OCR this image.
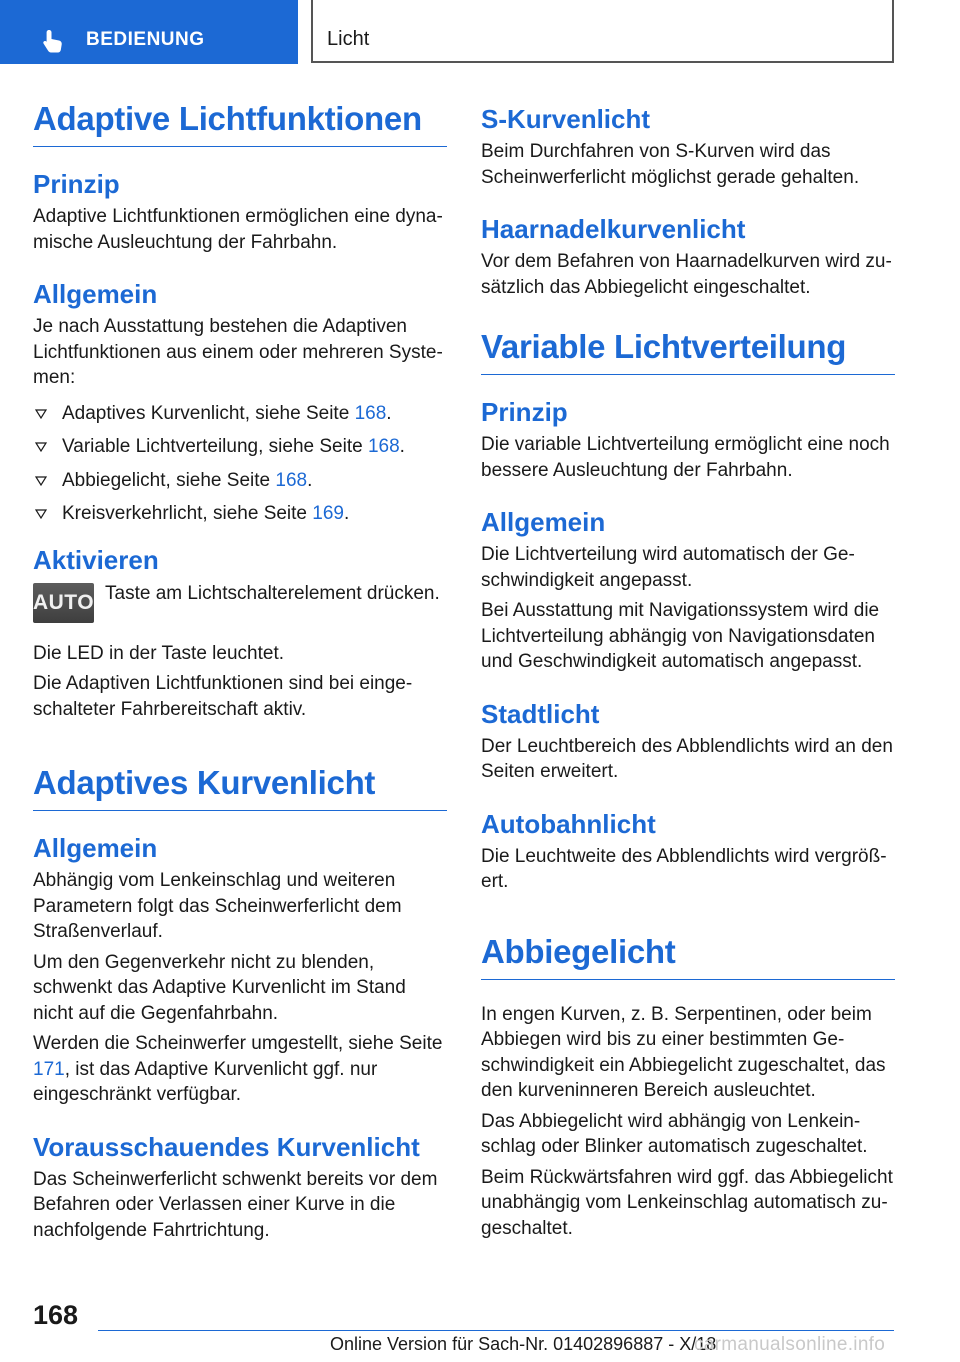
BEDIENUNG	Licht
Adaptive Lichtfunktionen
Prinzip

Adaptive Lichtfunktionen ermöglichen eine dynamische Ausleuchtung der Fahrbahn.

Allgemein

Je nach Ausstattung bestehen die Adaptiven Lichtfunktionen aus einem oder mehreren Systemen:

Adaptives Kurvenlicht, siehe Seite 168.
Variable Lichtverteilung, siehe Seite 168.
Abbiegelicht, siehe Seite 168.
Kreisverkehrlicht, siehe Seite 169.
Aktivieren
AUTO Taste am Lichtschalterelement drücken.

Die LED in der Taste leuchtet.

Die Adaptiven Lichtfunktionen sind bei eingeschalteter Fahrbereitschaft aktiv.

Adaptives Kurvenlicht
Allgemein

Abhängig vom Lenkeinschlag und weiteren Parametern folgt das Scheinwerferlicht dem Straßenverlauf.

Um den Gegenverkehr nicht zu blenden, schwenkt das Adaptive Kurvenlicht im Stand nicht auf die Gegenfahrbahn.

Werden die Scheinwerfer umgestellt, siehe Seite 171, ist das Adaptive Kurvenlicht ggf. nur eingeschränkt verfügbar.

Vorausschauendes Kurvenlicht

Das Scheinwerferlicht schwenkt bereits vor dem Befahren oder Verlassen einer Kurve in die nachfolgende Fahrtrichtung.

S-Kurvenlicht

Beim Durchfahren von S-Kurven wird das Scheinwerferlicht möglichst gerade gehalten.

Haarnadelkurvenlicht

Vor dem Befahren von Haarnadelkurven wird zusätzlich das Abbiegelicht eingeschaltet.

Variable Lichtverteilung
Prinzip

Die variable Lichtverteilung ermöglicht eine noch bessere Ausleuchtung der Fahrbahn.

Allgemein

Die Lichtverteilung wird automatisch der Geschwindigkeit angepasst.

Bei Ausstattung mit Navigationssystem wird die Lichtverteilung abhängig von Navigationsdaten und Geschwindigkeit automatisch angepasst.

Stadtlicht

Der Leuchtbereich des Abblendlichts wird an den Seiten erweitert.

Autobahnlicht

Die Leuchtweite des Abblendlichts wird vergrößert.

Abbiegelicht

In engen Kurven, z. B. Serpentinen, oder beim Abbiegen wird bis zu einer bestimmten Geschwindigkeit ein Abbiegelicht zugeschaltet, das den kurveninneren Bereich ausleuchtet.

Das Abbiegelicht wird abhängig von Lenkeinschlag oder Blinker automatisch zugeschaltet.

Beim Rückwärtsfahren wird ggf. das Abbiegelicht unabhängig vom Lenkeinschlag automatisch zugeschaltet.

168
Online Version für Sach-Nr. 01402896887 - X/18
carmanualsonline.info
